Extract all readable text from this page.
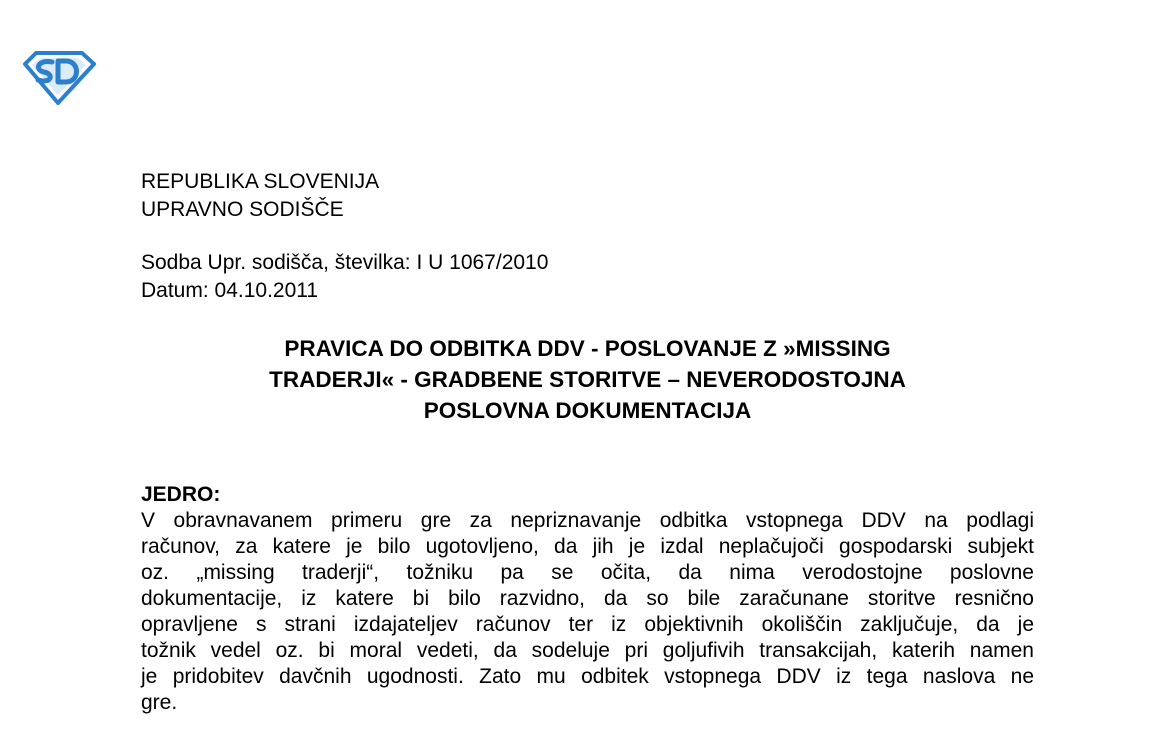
REPUBLIKA SLOVENIJA
UPRAVNO SODIŠČE
Sodba Upr. sodišča, številka: I U 1067/2010
Datum: 04.10.2011
PRAVICA DO ODBITKA DDV - POSLOVANJE Z »MISSING
TRADERJI« - GRADBENE STORITVE – NEVERODOSTOJNA
POSLOVNA DOKUMENTACIJA
JEDRO:
V obravnavanem primeru gre za nepriznavanje odbitka vstopnega DDV na podlagi
računov, za katere je bilo ugotovljeno, da jih je izdal neplačujoči gospodarski subjekt
oz. „missing traderji“, tožniku pa se očita, da nima verodostojne poslovne
dokumentacije, iz katere bi bilo razvidno, da so bile zaračunane storitve resnično
opravljene s strani izdajateljev računov ter iz objektivnih okoliščin zaključuje, da je
tožnik vedel oz. bi moral vedeti, da sodeluje pri goljufivih transakcijah, katerih namen
je pridobitev davčnih ugodnosti. Zato mu odbitek vstopnega DDV iz tega naslova ne
gre.
